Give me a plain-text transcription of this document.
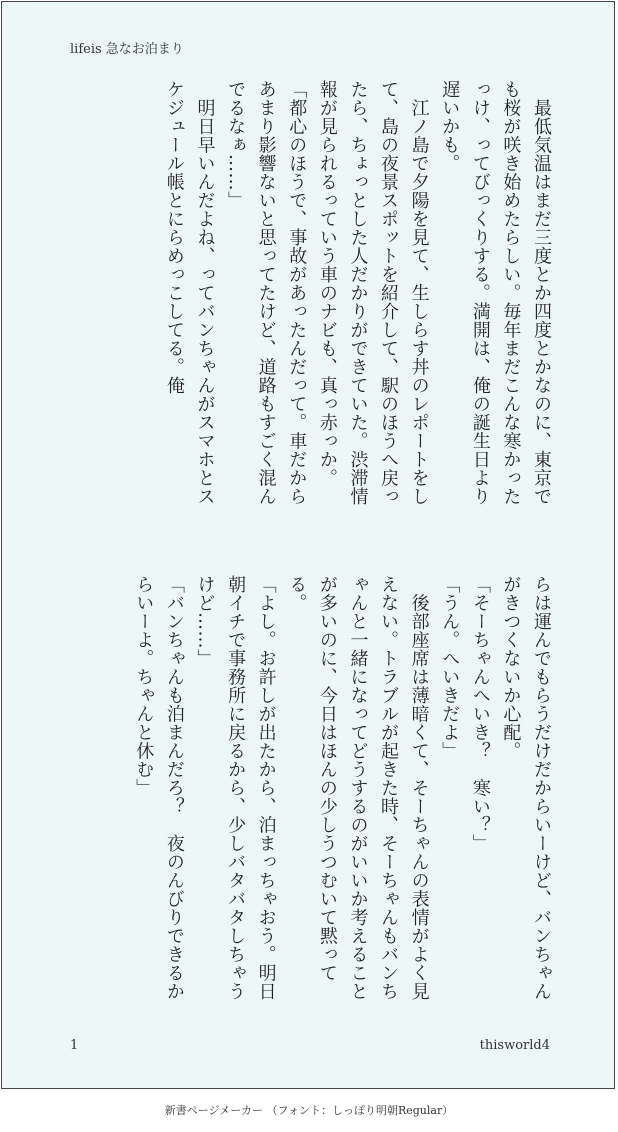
lifeis 急なお泊まり
　最低気温はまだ三度とか四度とかなのに、東京でも桜が咲き始めたらしい。毎年まだこんな寒かったっけ、ってびっくりする。満開は、俺の誕生日より遅いかも。
　江ノ島で夕陽を見て、生しらす丼のレポートをして、島の夜景スポットを紹介して、駅のほうへ戻ったら、ちょっとした人だかりができていた。渋滞情報が見られるっていう車のナビも、真っ赤っか。
「都心のほうで、事故があったんだって。車だからあまり影響ないと思ってたけど、道路もすごく混んでるなぁ……」
　明日早いんだよね、ってバンちゃんがスマホとスケジュール帳とにらめっこしてる。俺
らは運んでもらうだけだからいーけど、バンちゃんがきつくないか心配。
「そーちゃんへいき？　寒い？」
「うん。へいきだよ」
　後部座席は薄暗くて、そーちゃんの表情がよく見えない。トラブルが起きた時、そーちゃんもバンちゃんと一緒になってどうするのがいいか考えることが多いのに、今日はほんの少しうつむいて黙ってる。
「よし。お許しが出たから、泊まっちゃおう。明日朝イチで事務所に戻るから、少しバタバタしちゃうけど……」
「バンちゃんも泊まんだろ？　夜のんびりできるからいーよ。ちゃんと休む」
1	thisworld4
新書ページメーカー （フォント：しっぽり明朝Regular）
